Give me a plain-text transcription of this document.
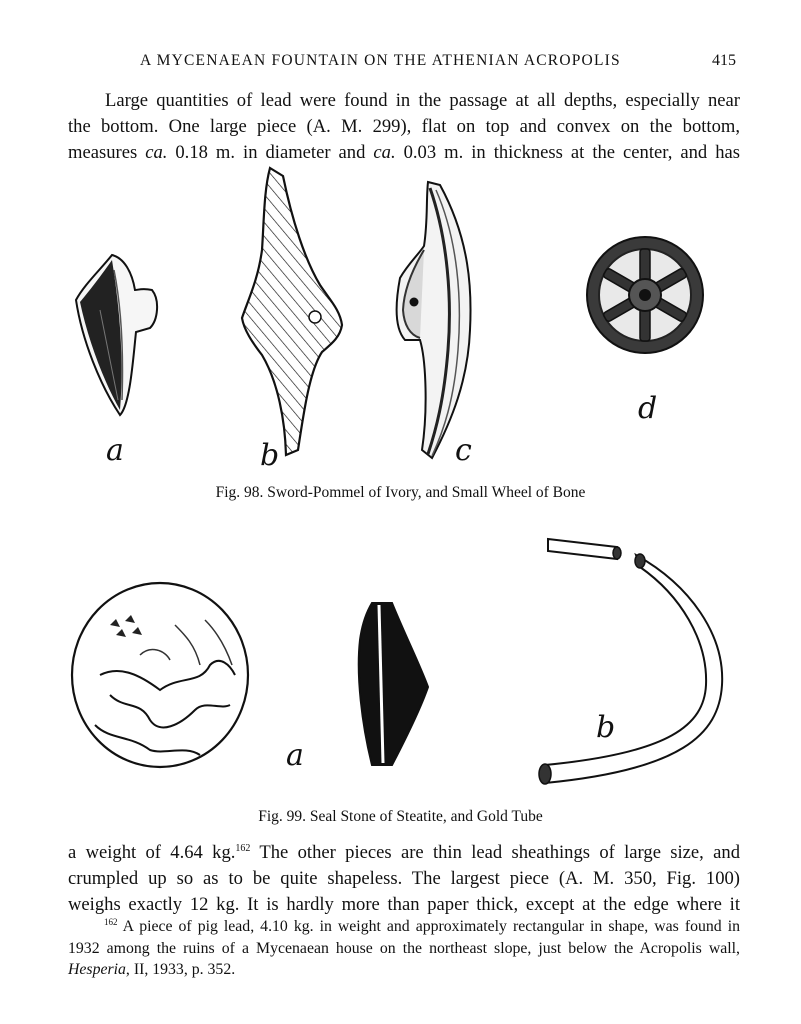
A MYCENAEAN FOUNTAIN ON THE ATHENIAN ACROPOLIS	415
Large quantities of lead were found in the passage at all depths, especially near
the bottom. One large piece (A. M. 299), flat on top and convex on the bottom,
measures ca. 0.18 m. in diameter and ca. 0.03 m. in thickness at the center, and has
a	b	c
d
Fig. 98. Sword-Pommel of Ivory, and Small Wheel of Bone
a
b
Fig. 99. Seal Stone of Steatite, and Gold Tube
a weight of 4.64 kg.$^{162}$ The other pieces are thin lead sheathings of large size, and
crumpled up so as to be quite shapeless. The largest piece (A. M. 350, Fig. 100)
weighs exactly 12 kg. It is hardly more than paper thick, except at the edge where it
$^{162}$ A piece of pig lead, 4.10 kg. in weight and approximately rectangular in shape, was found in
1932 among the ruins of a Mycenaean house on the northeast slope, just below the Acropolis wall,
Hesperia, II, 1933, p. 352.
